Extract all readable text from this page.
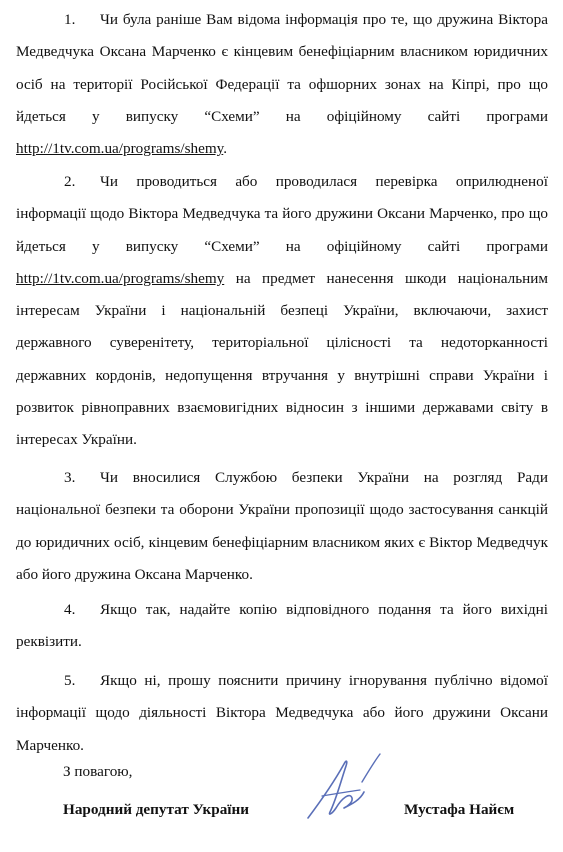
1. Чи була раніше Вам відома інформація про те, що дружина Віктора Медведчука Оксана Марченко є кінцевим бенефіціарним власником юридичних осіб на території Російської Федерації та офшорних зонах на Кіпрі, про що йдеться у випуску “Схеми” на офіційному сайті програми http://1tv.com.ua/programs/shemy.

2. Чи проводиться або проводилася перевірка оприлюдненої інформації щодо Віктора Медведчука та його дружини Оксани Марченко, про що йдеться у випуску “Схеми” на офіційному сайті програми http://1tv.com.ua/programs/shemy на предмет нанесення шкоди національним інтересам України і національній безпеці України, включаючи, захист державного суверенітету, територіальної цілісності та недоторканності державних кордонів, недопущення втручання у внутрішні справи України і розвиток рівноправних взаємовигідних відносин з іншими державами світу в інтересах України.

3. Чи вносилися Службою безпеки України на розгляд Ради національної безпеки та оборони України пропозиції щодо застосування санкцій до юридичних осіб, кінцевим бенефіціарним власником яких є Віктор Медведчук або його дружина Оксана Марченко.

4. Якщо так, надайте копію відповідного подання та його вихідні реквізити.

5. Якщо ні, прошу пояснити причину ігнорування публічно відомої інформації щодо діяльності Віктора Медведчука або його дружини Оксани Марченко.

З повагою,

Народний депутат України	Мустафа Найєм
